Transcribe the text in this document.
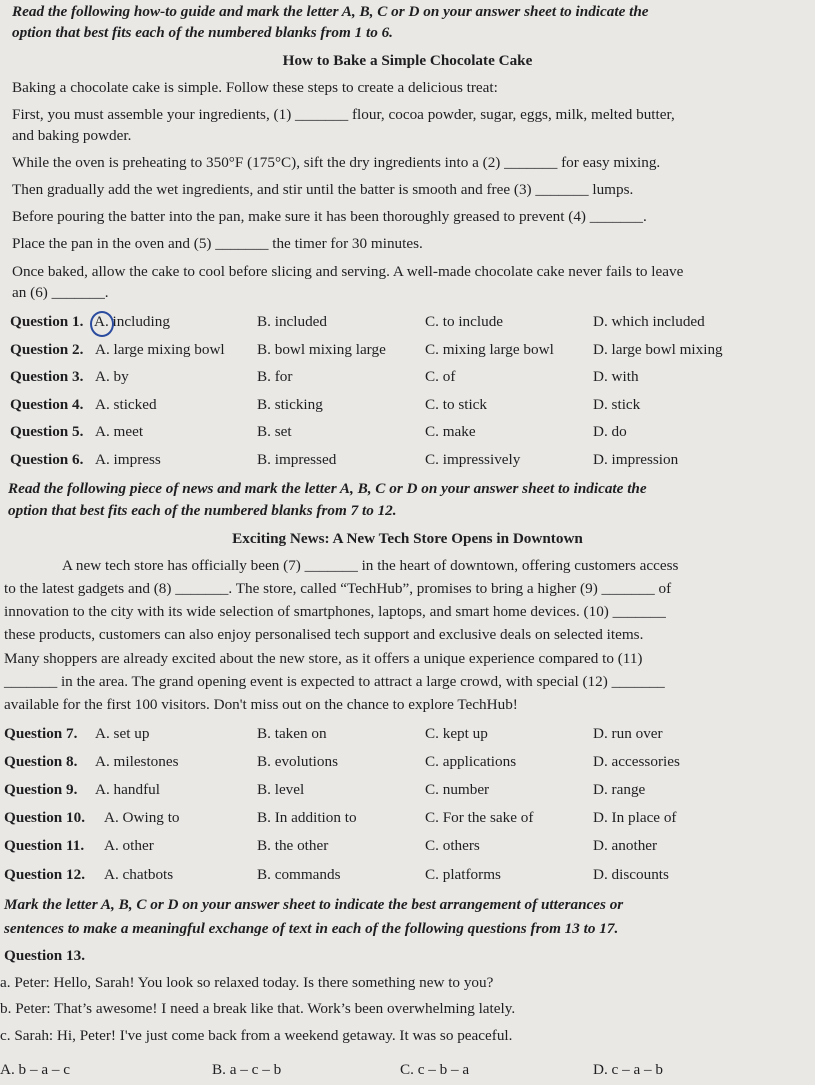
Read the following how-to guide and mark the letter A, B, C or D on your answer sheet to indicate the
option that best fits each of the numbered blanks from 1 to 6.
How to Bake a Simple Chocolate Cake
Baking a chocolate cake is simple. Follow these steps to create a delicious treat:
First, you must assemble your ingredients, (1) _______ flour, cocoa powder, sugar, eggs, milk, melted butter,
and baking powder.
While the oven is preheating to 350°F (175°C), sift the dry ingredients into a (2) _______ for easy mixing.
Then gradually add the wet ingredients, and stir until the batter is smooth and free (3) _______ lumps.
Before pouring the batter into the pan, make sure it has been thoroughly greased to prevent (4) _______.
Place the pan in the oven and (5) _______ the timer for 30 minutes.
Once baked, allow the cake to cool before slicing and serving. A well-made chocolate cake never fails to leave
an (6) _______.
Question 1. A. including	B. included	C. to include	D. which included
Question 2. A. large mixing bowl B. bowl mixing large	C. mixing large bowl	D. large bowl mixing
Question 3. A. by	B. for	C. of	D. with
Question 4. A. sticked	B. sticking	C. to stick	D. stick
Question 5. A. meet	B. set	C. make	D. do
Question 6. A. impress	B. impressed	C. impressively	D. impression
Read the following piece of news and mark the letter A, B, C or D on your answer sheet to indicate the
option that best fits each of the numbered blanks from 7 to 12.
Exciting News: A New Tech Store Opens in Downtown
A new tech store has officially been (7) _______ in the heart of downtown, offering customers access
to the latest gadgets and (8) _______. The store, called “TechHub”, promises to bring a higher (9) _______ of
innovation to the city with its wide selection of smartphones, laptops, and smart home devices. (10) _______
these products, customers can also enjoy personalised tech support and exclusive deals on selected items.
Many shoppers are already excited about the new store, as it offers a unique experience compared to (11)
_______ in the area. The grand opening event is expected to attract a large crowd, with special (12) _______
available for the first 100 visitors. Don't miss out on the chance to explore TechHub!
Question 7. A. set up	B. taken on	C. kept up	D. run over
Question 8. A. milestones	B. evolutions	C. applications	D. accessories
Question 9. A. handful	B. level	C. number	D. range
Question 10. A. Owing to	B. In addition to	C. For the sake of	D. In place of
Question 11. A. other	B. the other	C. others	D. another
Question 12. A. chatbots	B. commands	C. platforms	D. discounts
Mark the letter A, B, C or D on your answer sheet to indicate the best arrangement of utterances or
sentences to make a meaningful exchange of text in each of the following questions from 13 to 17.
Question 13.
a. Peter: Hello, Sarah! You look so relaxed today. Is there something new to you?
b. Peter: That’s awesome! I need a break like that. Work’s been overwhelming lately.
c. Sarah: Hi, Peter! I've just come back from a weekend getaway. It was so peaceful.
A. b – a – c	B. a – c – b	C. c – b – a	D. c – a – b
